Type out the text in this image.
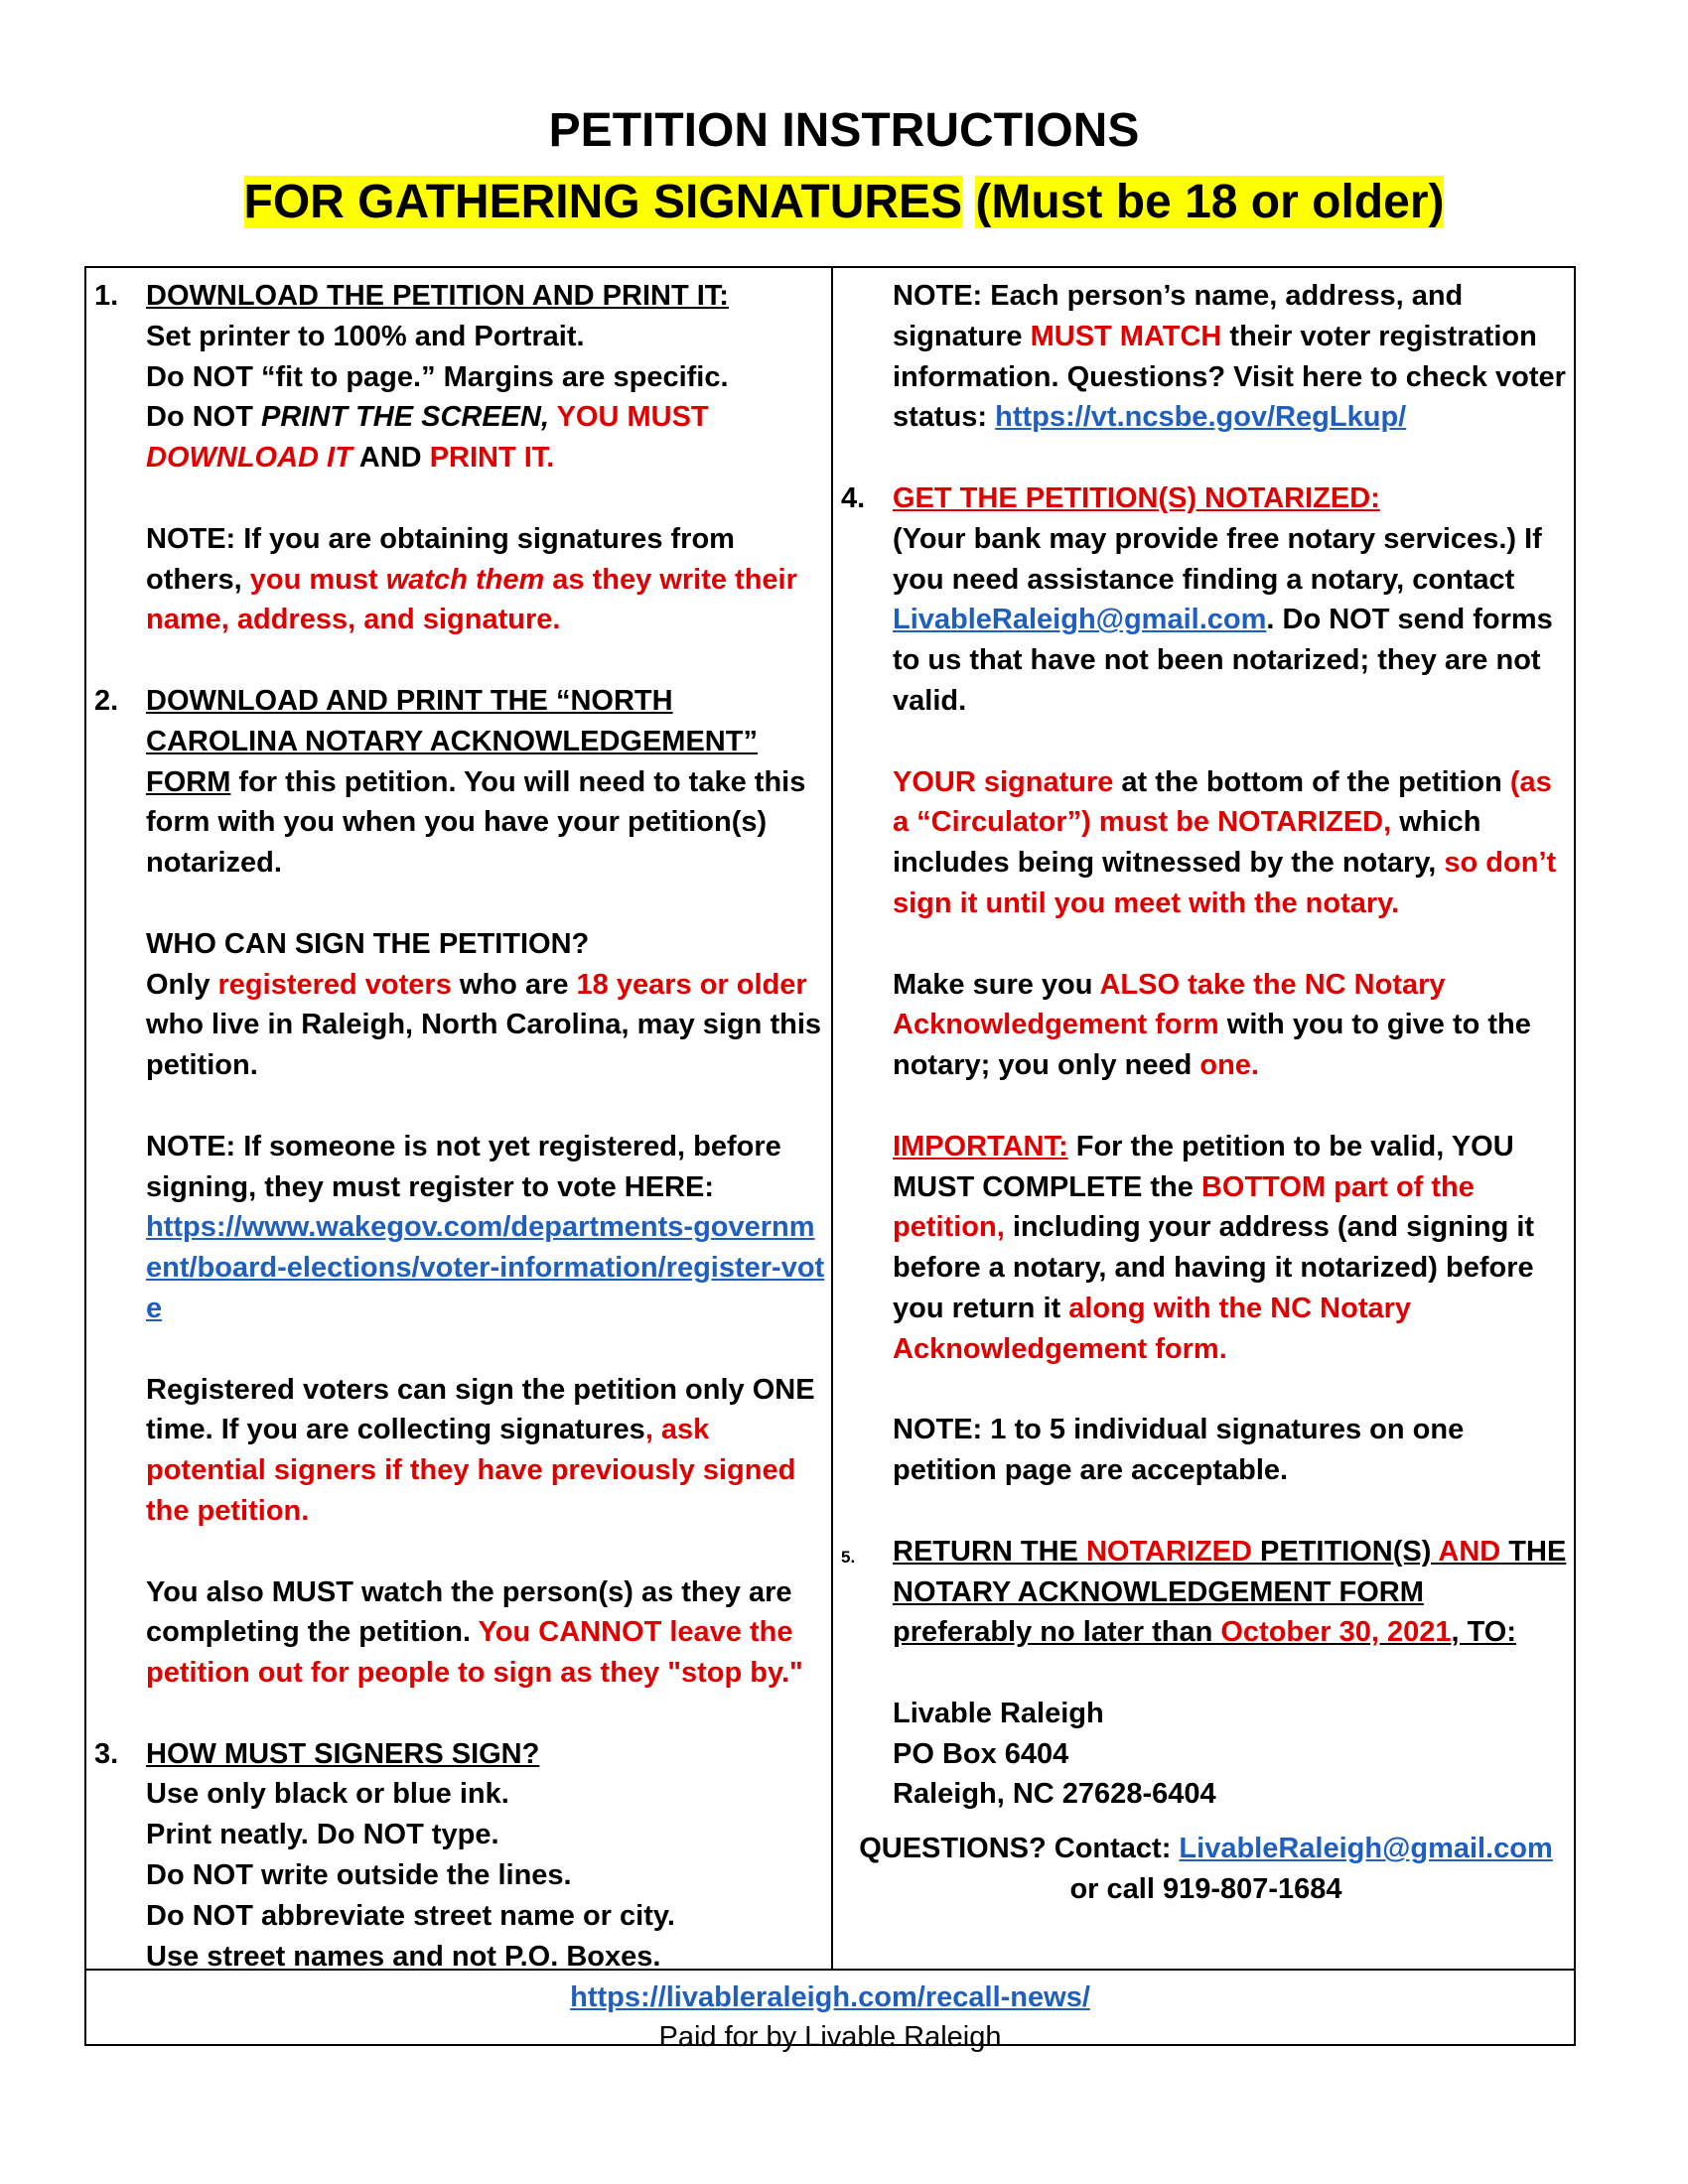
PETITION INSTRUCTIONS
FOR GATHERING SIGNATURES (Must be 18 or older)
1. DOWNLOAD THE PETITION AND PRINT IT:

Set printer to 100% and Portrait.

Do NOT “fit to page.” Margins are specific.

Do NOT PRINT THE SCREEN, YOU MUST

DOWNLOAD IT AND PRINT IT.

NOTE: If you are obtaining signatures from others, you must watch them as they write their name, address, and signature.

2. DOWNLOAD AND PRINT THE “NORTH CAROLINA NOTARY ACKNOWLEDGEMENT” FORM for this petition. You will need to take this form with you when you have your petition(s) notarized.

WHO CAN SIGN THE PETITION?

Only registered voters who are 18 years or older who live in Raleigh, North Carolina, may sign this petition.

NOTE: If someone is not yet registered, before signing, they must register to vote HERE:

https://www.wakegov.com/departments-government/board-elections/voter-information/register-vote

Registered voters can sign the petition only ONE time. If you are collecting signatures, ask potential signers if they have previously signed the petition.

You also MUST watch the person(s) as they are completing the petition. You CANNOT leave the petition out for people to sign as they "stop by."

3. HOW MUST SIGNERS SIGN?

Use only black or blue ink.

Print neatly. Do NOT type.

Do NOT write outside the lines.

Do NOT abbreviate street name or city.

Use street names and not P.O. Boxes.

NOTE: Each person’s name, address, and signature MUST MATCH their voter registration information. Questions? Visit here to check voter status: https://vt.ncsbe.gov/RegLkup/

4. GET THE PETITION(S) NOTARIZED:

(Your bank may provide free notary services.) If you need assistance finding a notary, contact LivableRaleigh@gmail.com. Do NOT send forms to us that have not been notarized; they are not valid.

YOUR signature at the bottom of the petition (as a “Circulator”) must be NOTARIZED, which includes being witnessed by the notary, so don’t sign it until you meet with the notary.

Make sure you ALSO take the NC Notary Acknowledgement form with you to give to the notary; you only need one.

IMPORTANT: For the petition to be valid, YOU MUST COMPLETE the BOTTOM part of the petition, including your address (and signing it before a notary, and having it notarized) before you return it along with the NC Notary Acknowledgement form.

NOTE: 1 to 5 individual signatures on one petition page are acceptable.

5. RETURN THE NOTARIZED PETITION(S) AND THE NOTARY ACKNOWLEDGEMENT FORM preferably no later than October 30, 2021, TO:

Livable Raleigh

PO Box 6404

Raleigh, NC 27628-6404

QUESTIONS? Contact: LivableRaleigh@gmail.com

or call 919-807-1684

https://livableraleigh.com/recall-news/
Paid for by Livable Raleigh
